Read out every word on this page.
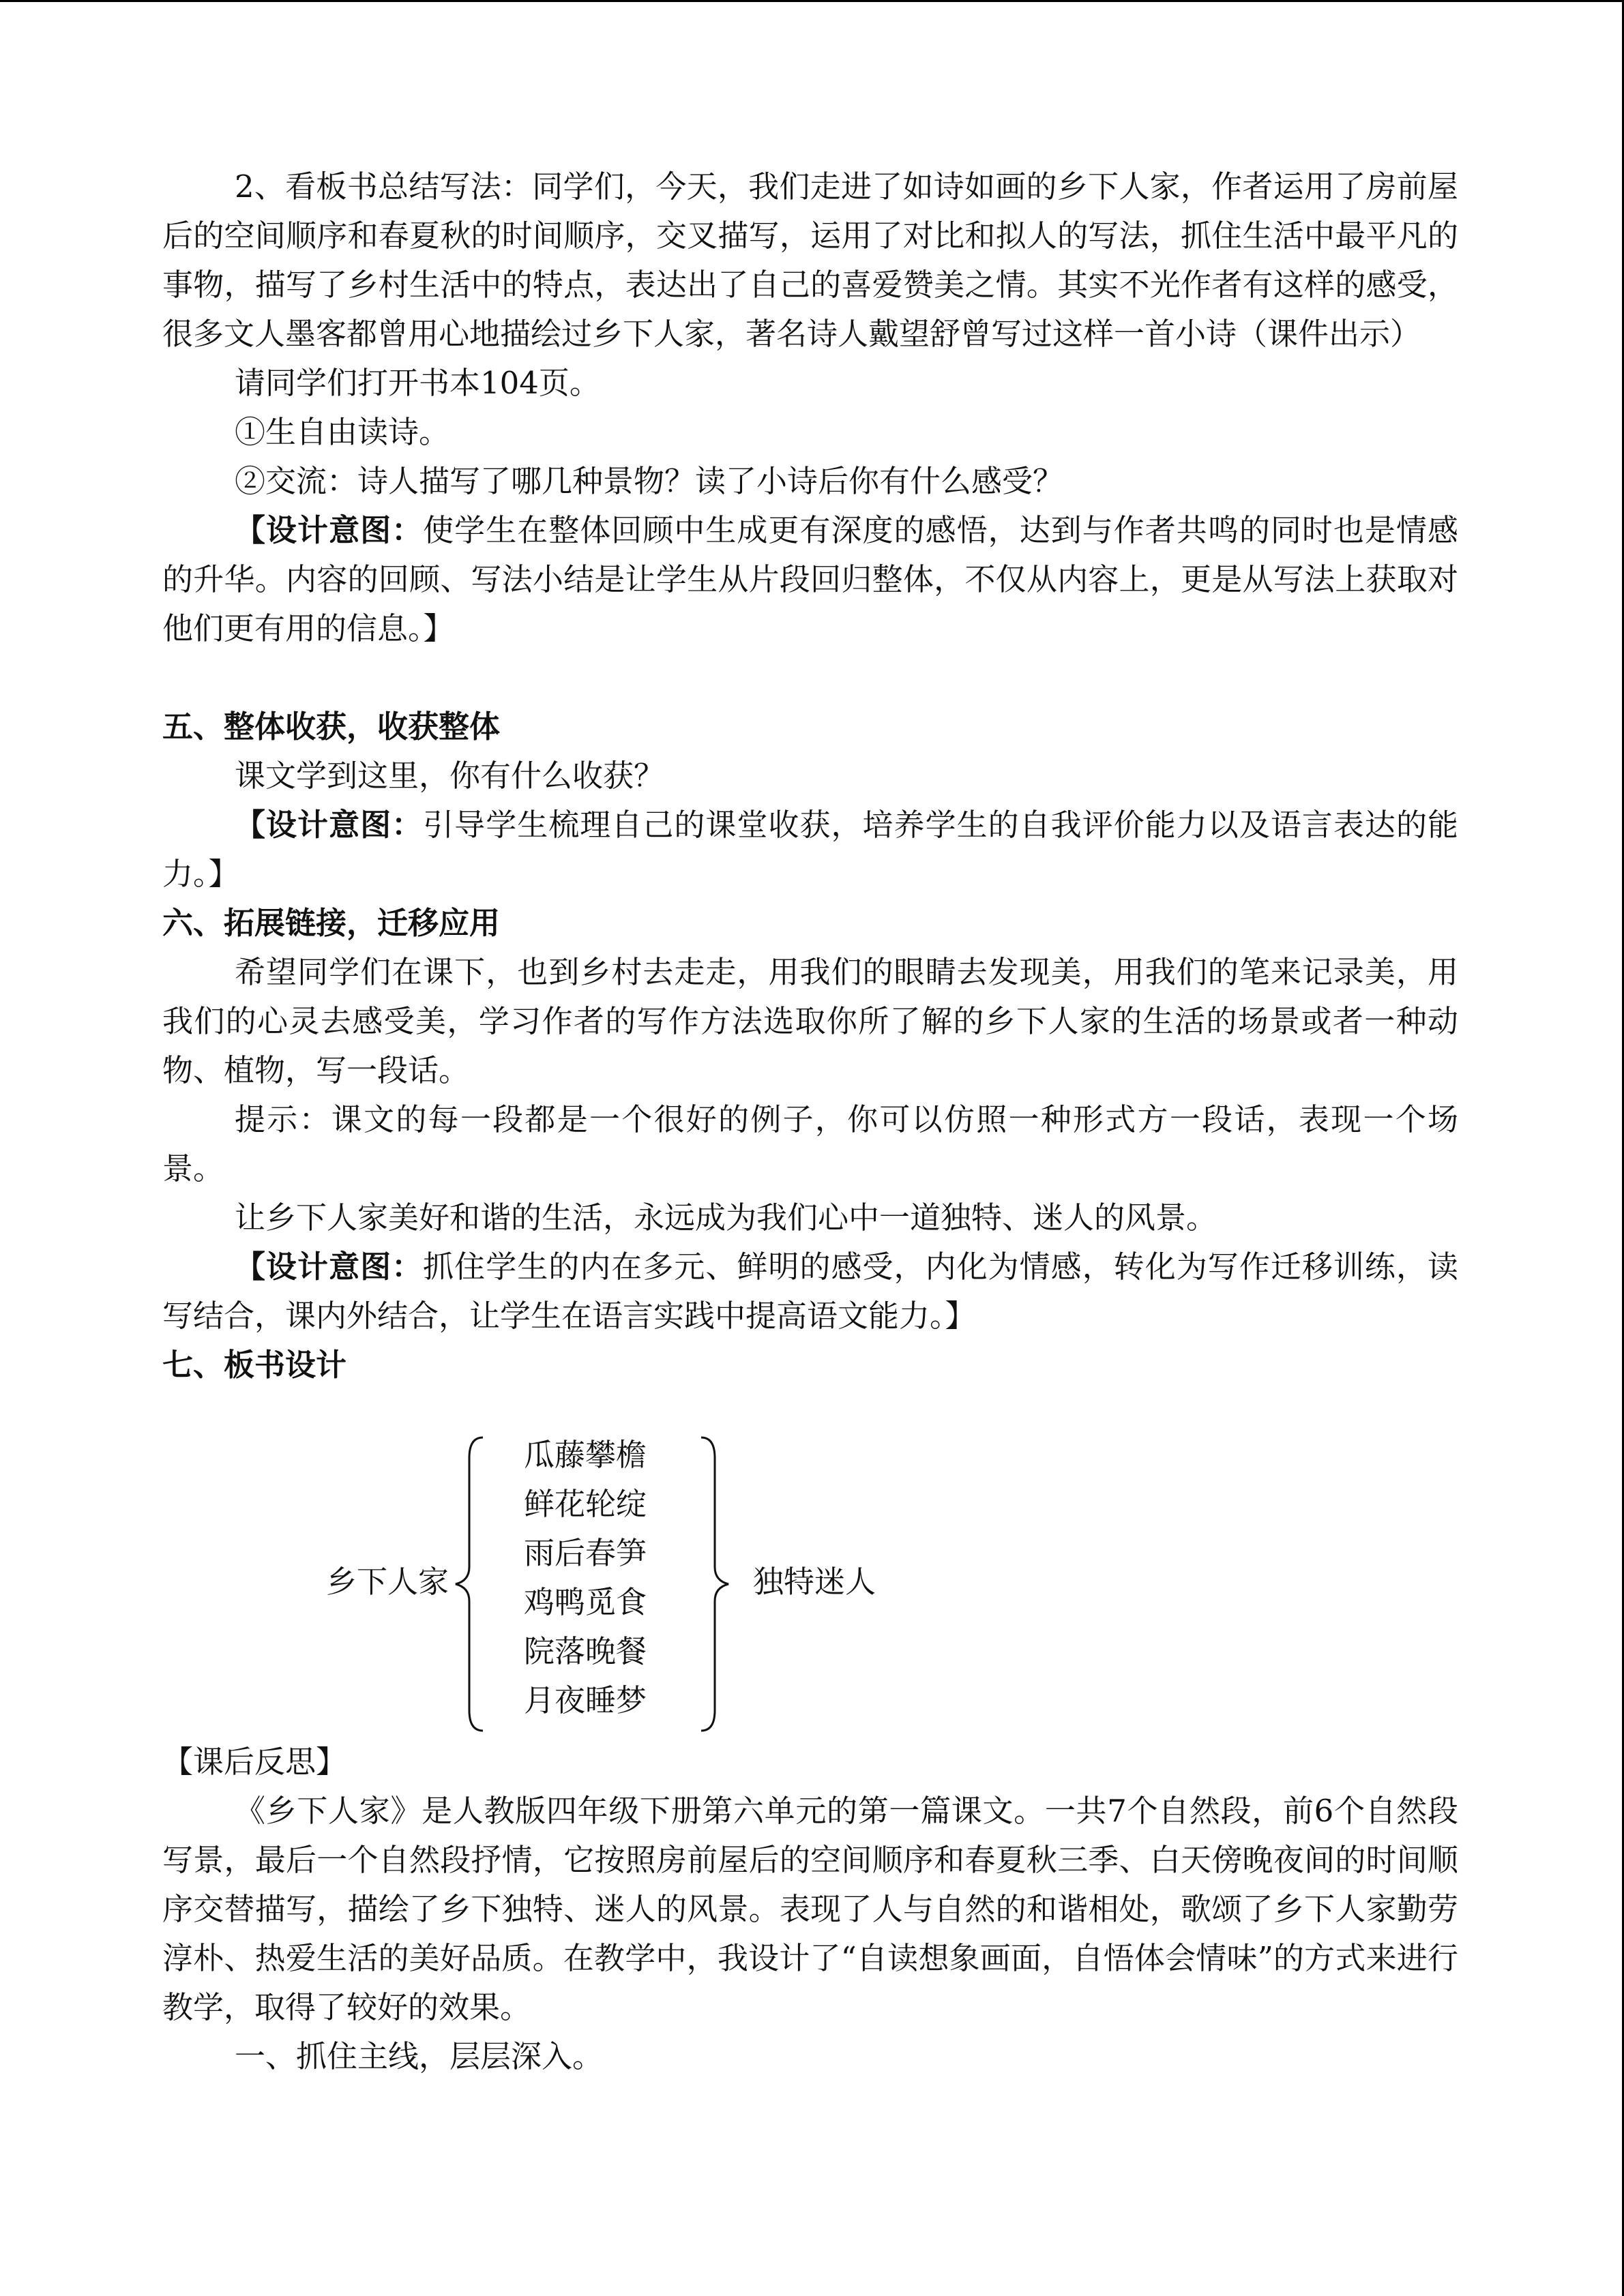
2、看板书总结写法：同学们，今天，我们走进了如诗如画的乡下人家，作者运用了房前屋后的空间顺序和春夏秋的时间顺序，交叉描写，运用了对比和拟人的写法，抓住生活中最平凡的事物，描写了乡村生活中的特点，表达出了自己的喜爱赞美之情。其实不光作者有这样的感受，很多文人墨客都曾用心地描绘过乡下人家，著名诗人戴望舒曾写过这样一首小诗（课件出示）

请同学们打开书本104页。

①生自由读诗。

②交流：诗人描写了哪几种景物？读了小诗后你有什么感受？

【设计意图：使学生在整体回顾中生成更有深度的感悟，达到与作者共鸣的同时也是情感的升华。内容的回顾、写法小结是让学生从片段回归整体，不仅从内容上，更是从写法上获取对他们更有用的信息。】

五、整体收获，收获整体

课文学到这里，你有什么收获？

【设计意图：引导学生梳理自己的课堂收获，培养学生的自我评价能力以及语言表达的能力。】

六、拓展链接，迁移应用

希望同学们在课下，也到乡村去走走，用我们的眼睛去发现美，用我们的笔来记录美，用我们的心灵去感受美，学习作者的写作方法选取你所了解的乡下人家的生活的场景或者一种动物、植物，写一段话。

提示：课文的每一段都是一个很好的例子，你可以仿照一种形式方一段话，表现一个场景。

让乡下人家美好和谐的生活，永远成为我们心中一道独特、迷人的风景。

【设计意图：抓住学生的内在多元、鲜明的感受，内化为情感，转化为写作迁移训练，读写结合，课内外结合，让学生在语言实践中提高语文能力。】

七、板书设计

乡下人家
瓜藤攀檐
鲜花轮绽
雨后春笋
鸡鸭觅食
院落晚餐
月夜睡梦
独特迷人

【课后反思】

《乡下人家》是人教版四年级下册第六单元的第一篇课文。一共7个自然段，前6个自然段写景，最后一个自然段抒情，它按照房前屋后的空间顺序和春夏秋三季、白天傍晚夜间的时间顺序交替描写，描绘了乡下独特、迷人的风景。表现了人与自然的和谐相处，歌颂了乡下人家勤劳淳朴、热爱生活的美好品质。在教学中，我设计了“自读想象画面，自悟体会情味”的方式来进行教学，取得了较好的效果。

一、抓住主线，层层深入。
